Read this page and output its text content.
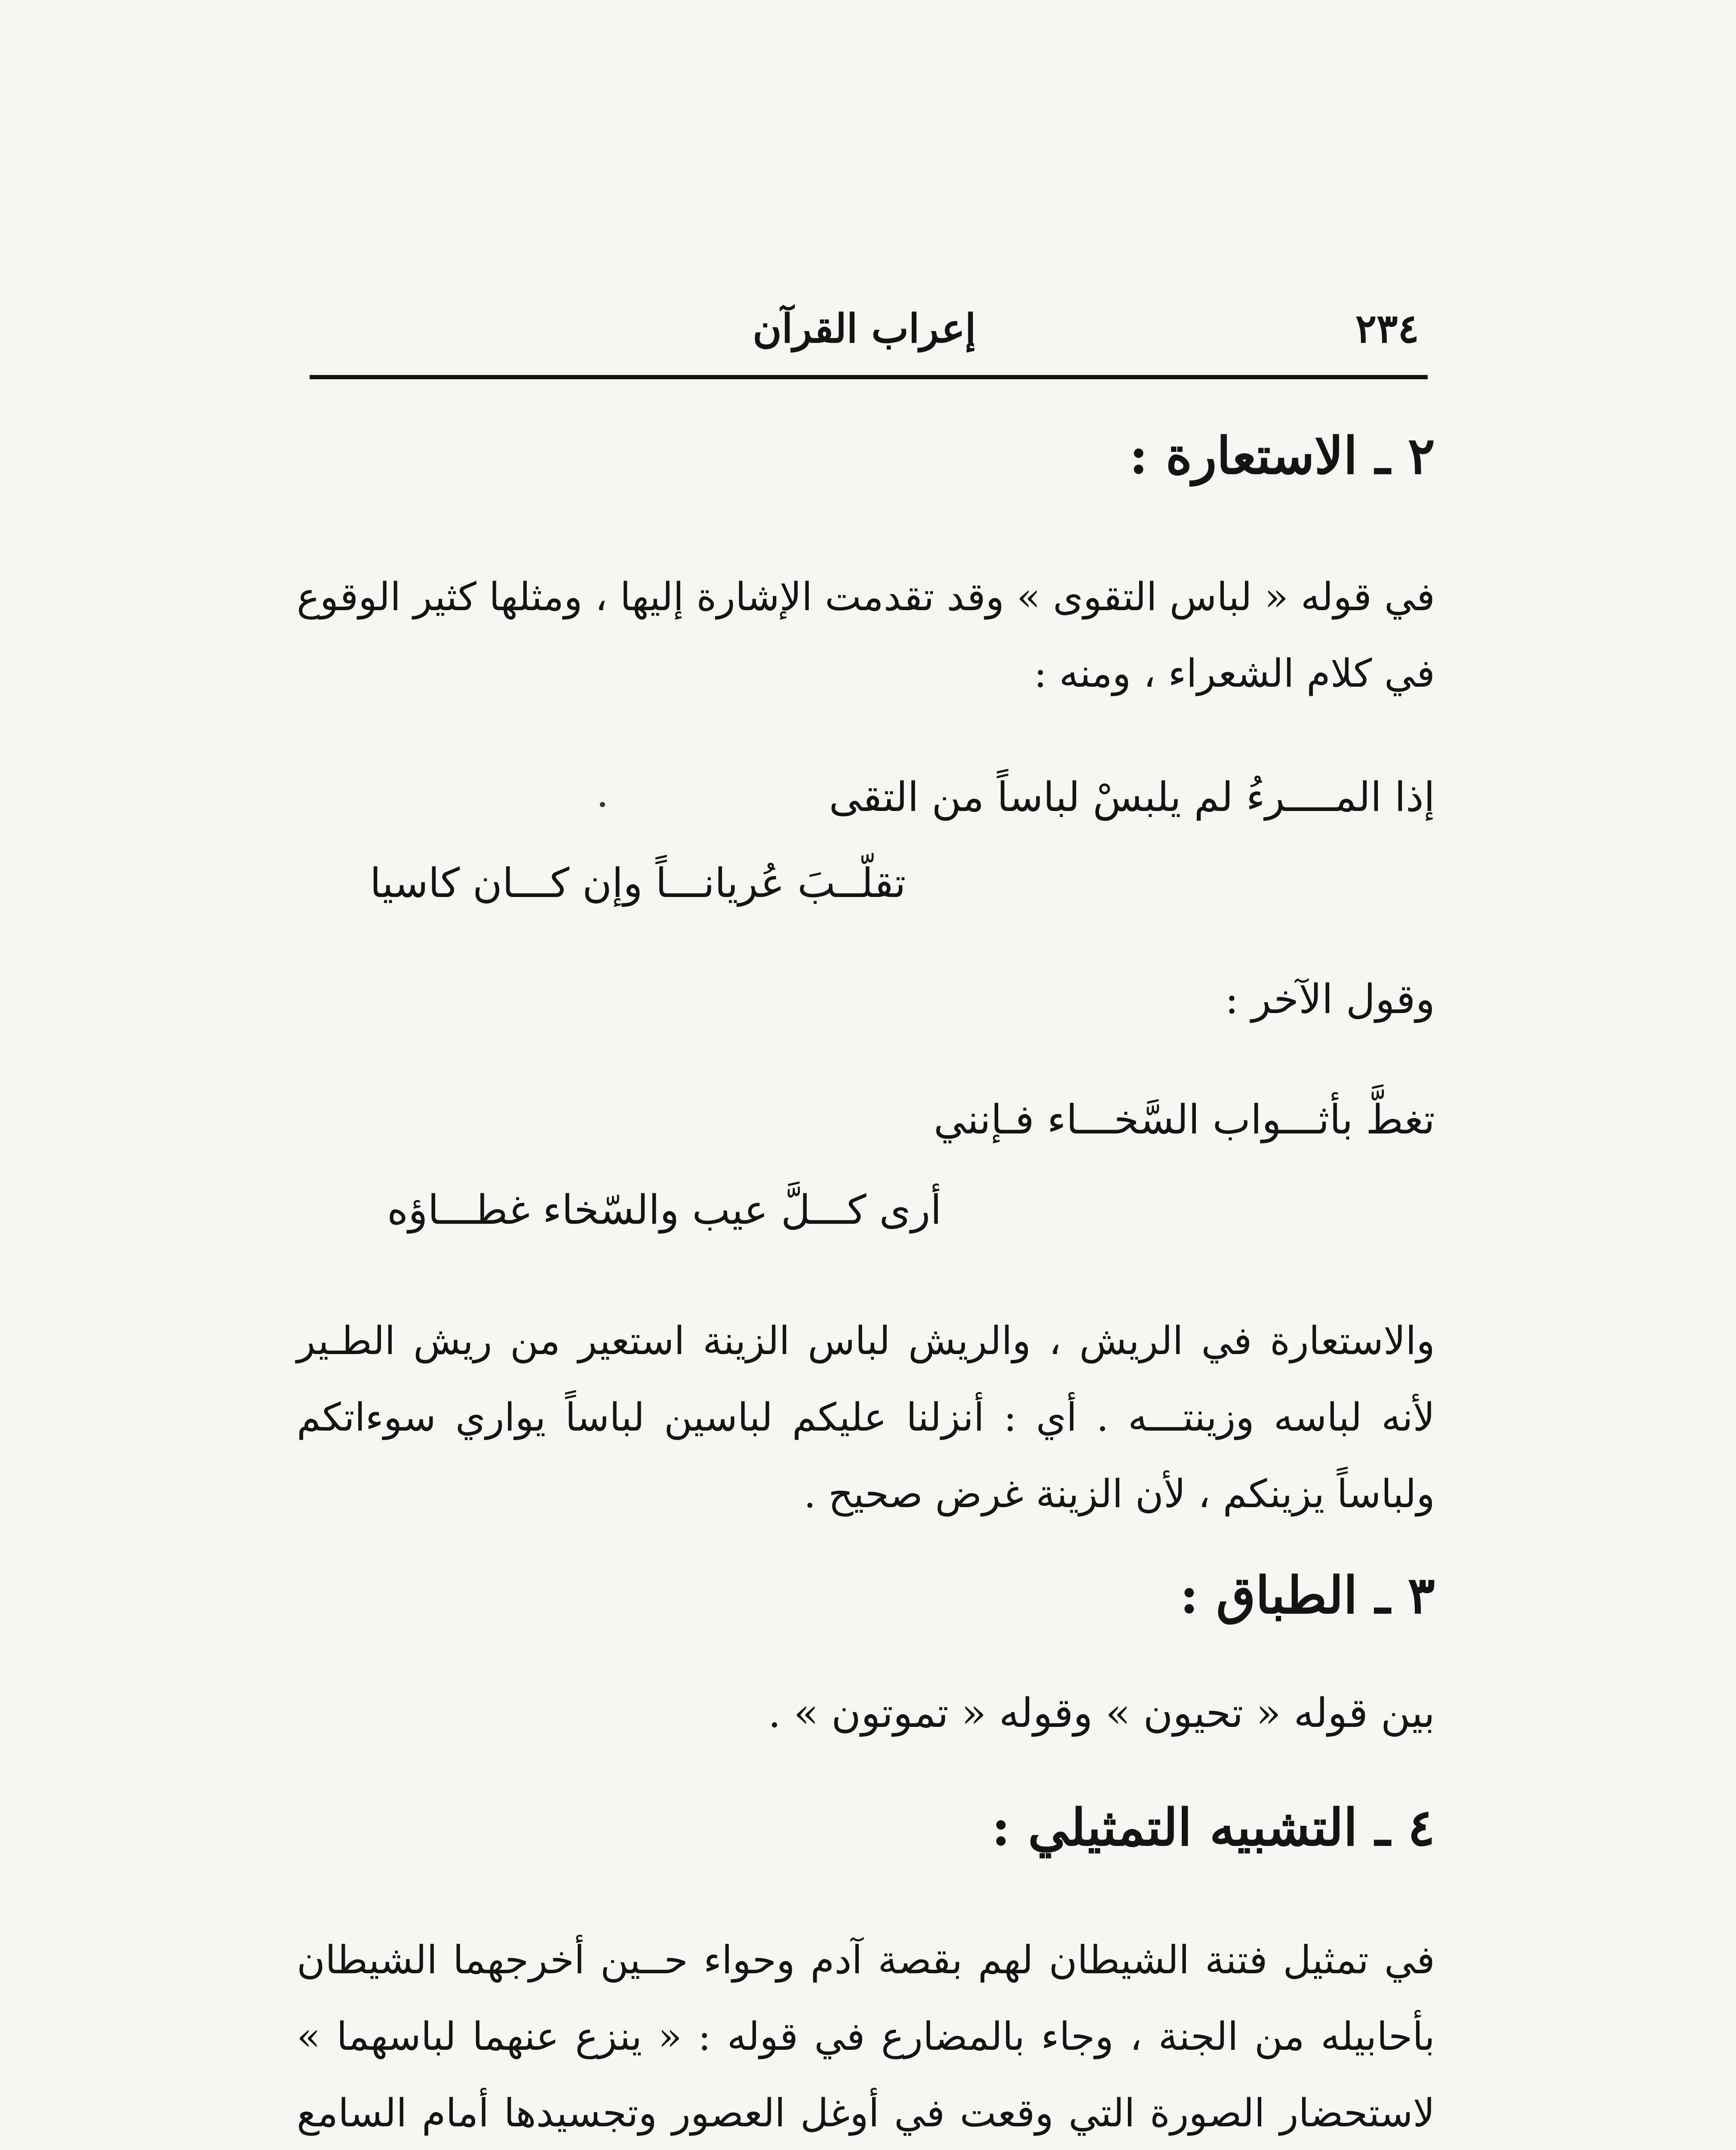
٢٣٤
إعراب القرآن
٢ ـ الاستعارة :
في قوله « لباس التقوى » وقد تقدمت الإشارة إليها ، ومثلها كثير الوقوع في كلام الشعراء ، ومنه :
إذا المــــرءُ لم يلبسْ لباساً من التقى
تقلّــبَ عُريانـــاً وإن كـــان كاسيا
وقول الآخر :
تغطَّ بأثـــواب السَّخـــاء فـإنني
أرى كـــلَّ عيب والسّخاء غطـــاؤه
والاستعارة في الريش ، والريش لباس الزينة استعير من ريش الطـير لأنه لباسه وزينتـــه . أي : أنزلنا عليكم لباسين لباساً يواري سوءاتكم ولباساً يزينكم ، لأن الزينة غرض صحيح .
٣ ـ الطباق :
بين قوله « تحيون » وقوله « تموتون » .
٤ ـ التشبيه التمثيلي :
في تمثيل فتنة الشيطان لهم بقصة آدم وحواء حــين أخرجهما الشيطان بأحابيله من الجنة ، وجاء بالمضارع في قوله : « ينزع عنهما لباسهما » لاستحضار الصورة التي وقعت في أوغل العصور وتجسيدها أمام السامع
